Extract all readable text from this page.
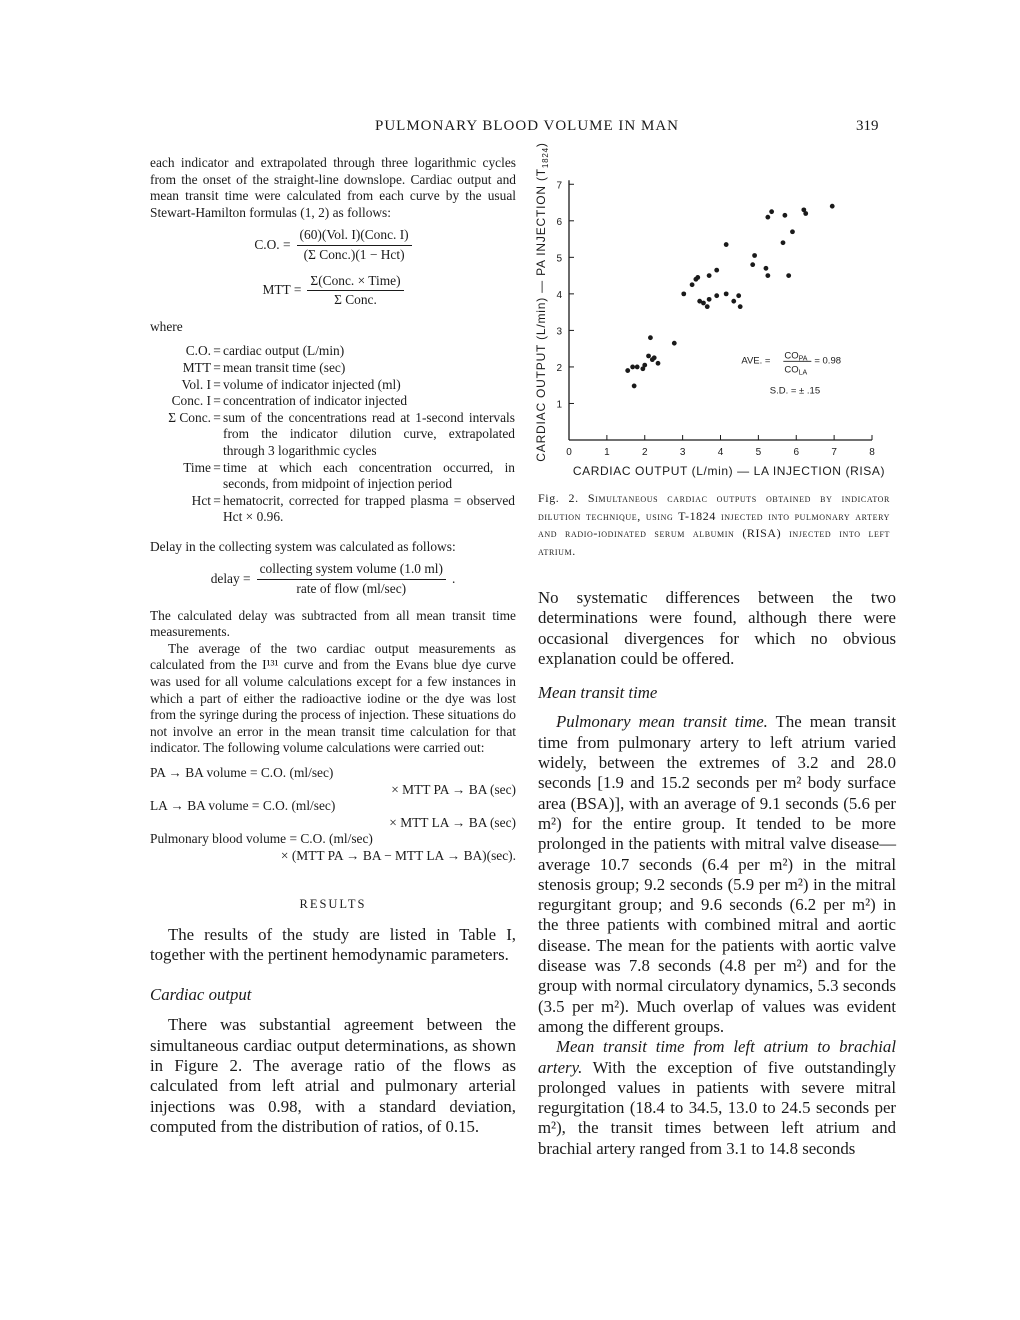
PULMONARY BLOOD VOLUME IN MAN	319

each indicator and extrapolated through three logarithmic cycles from the onset of the straight-line downslope. Cardiac output and mean transit time were calculated from each curve by the usual Stewart-Hamilton formulas (1, 2) as follows:

C.O. = $\frac{\text{(60)(Vol. I)(Conc. I)}}{\text{(Σ Conc.)(1 − Hct)}}$
MTT = $\frac{\text{Σ(Conc. × Time)}}{\text{Σ Conc.}}$

where

C.O. = cardiac output (L/min)
MTT = mean transit time (sec)
Vol. I = volume of indicator injected (ml)
Conc. I = concentration of indicator injected
Σ Conc. = sum of the concentrations read at 1-second intervals from the indicator dilution curve, extrapolated through 3 logarithmic cycles
Time = time at which each concentration occurred, in seconds, from midpoint of injection period
Hct = hematocrit, corrected for trapped plasma = observed Hct × 0.96.

Delay in the collecting system was calculated as follows:

delay = $\frac{\text{collecting system volume (1.0 ml)}}{\text{rate of flow (ml/sec)}}$ .

The calculated delay was subtracted from all mean transit time measurements.

The average of the two cardiac output measurements as calculated from the I¹³¹ curve and from the Evans blue dye curve was used for all volume calculations except for a few instances in which a part of either the radioactive iodine or the dye was lost from the syringe during the process of injection. These situations do not involve an error in the mean transit time calculation for that indicator. The following volume calculations were carried out:

PA → BA volume = C.O. (ml/sec)
× MTT PA → BA (sec)
LA → BA volume = C.O. (ml/sec)
× MTT LA → BA (sec)
Pulmonary blood volume = C.O. (ml/sec)
× (MTT PA → BA − MTT LA → BA)(sec).
RESULTS

The results of the study are listed in Table I, together with the pertinent hemodynamic parameters.

Cardiac output

There was substantial agreement between the simultaneous cardiac output determinations, as shown in Figure 2. The average ratio of the flows as calculated from left atrial and pulmonary arterial injections was 0.98, with a standard deviation, computed from the distribution of ratios, of 0.15.

CARDIAC OUTPUT (L/min) — PA INJECTION $(T_{1824})$
0	1	2	3	4	5	6	7	8
1
2
3
4
5
6
7
AVE. = $CO_{PA}$
$CO_{LA}$
= 0.98
S.D. = ± .15
CARDIAC OUTPUT (L/min) — LA INJECTION (RISA)
Fig. 2. Simultaneous cardiac outputs obtained by indicator dilution technique, using T-1824 injected into pulmonary artery and radio-iodinated serum albumin (RISA) injected into left atrium.

No systematic differences between the two determinations were found, although there were occasional divergences for which no obvious explanation could be offered.

Mean transit time

Pulmonary mean transit time. The mean transit time from pulmonary artery to left atrium varied widely, between the extremes of 3.2 and 28.0 seconds [1.9 and 15.2 seconds per m² body surface area (BSA)], with an average of 9.1 seconds (5.6 per m²) for the entire group. It tended to be more prolonged in the patients with mitral valve disease—average 10.7 seconds (6.4 per m²) in the mitral stenosis group; 9.2 seconds (5.9 per m²) in the mitral regurgitant group; and 9.6 seconds (6.2 per m²) in the three patients with combined mitral and aortic disease. The mean for the patients with aortic valve disease was 7.8 seconds (4.8 per m²) and for the group with normal circulatory dynamics, 5.3 seconds (3.5 per m²). Much overlap of values was evident among the different groups.

Mean transit time from left atrium to brachial artery. With the exception of five outstandingly prolonged values in patients with severe mitral regurgitation (18.4 to 34.5, 13.0 to 24.5 seconds per m²), the transit times between left atrium and brachial artery ranged from 3.1 to 14.8 seconds
